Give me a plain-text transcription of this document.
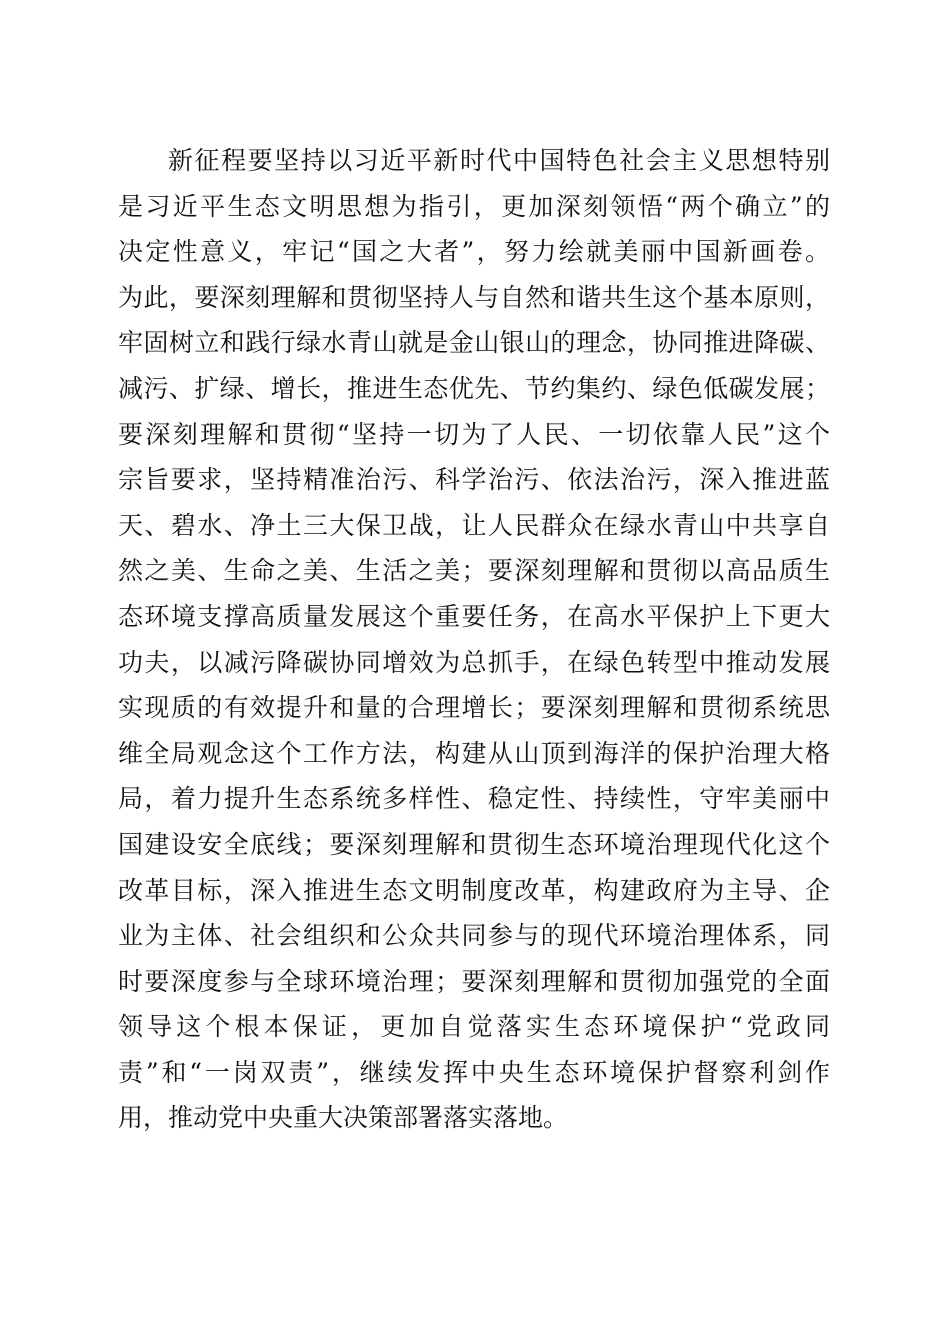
新征程要坚持以习近平新时代中国特色社会主义思想特别
是习近平生态文明思想为指引，更加深刻领悟“两个确立”的
决定性意义，牢记“国之大者”，努力绘就美丽中国新画卷。
为此，要深刻理解和贯彻坚持人与自然和谐共生这个基本原则，
牢固树立和践行绿水青山就是金山银山的理念，协同推进降碳、
减污、扩绿、增长，推进生态优先、节约集约、绿色低碳发展；
要深刻理解和贯彻“坚持一切为了人民、一切依靠人民”这个
宗旨要求，坚持精准治污、科学治污、依法治污，深入推进蓝
天、碧水、净土三大保卫战，让人民群众在绿水青山中共享自
然之美、生命之美、生活之美；要深刻理解和贯彻以高品质生
态环境支撑高质量发展这个重要任务，在高水平保护上下更大
功夫，以减污降碳协同增效为总抓手，在绿色转型中推动发展
实现质的有效提升和量的合理增长；要深刻理解和贯彻系统思
维全局观念这个工作方法，构建从山顶到海洋的保护治理大格
局，着力提升生态系统多样性、稳定性、持续性，守牢美丽中
国建设安全底线；要深刻理解和贯彻生态环境治理现代化这个
改革目标，深入推进生态文明制度改革，构建政府为主导、企
业为主体、社会组织和公众共同参与的现代环境治理体系，同
时要深度参与全球环境治理；要深刻理解和贯彻加强党的全面
领导这个根本保证，更加自觉落实生态环境保护“党政同
责”和“一岗双责”，继续发挥中央生态环境保护督察利剑作
用，推动党中央重大决策部署落实落地。
